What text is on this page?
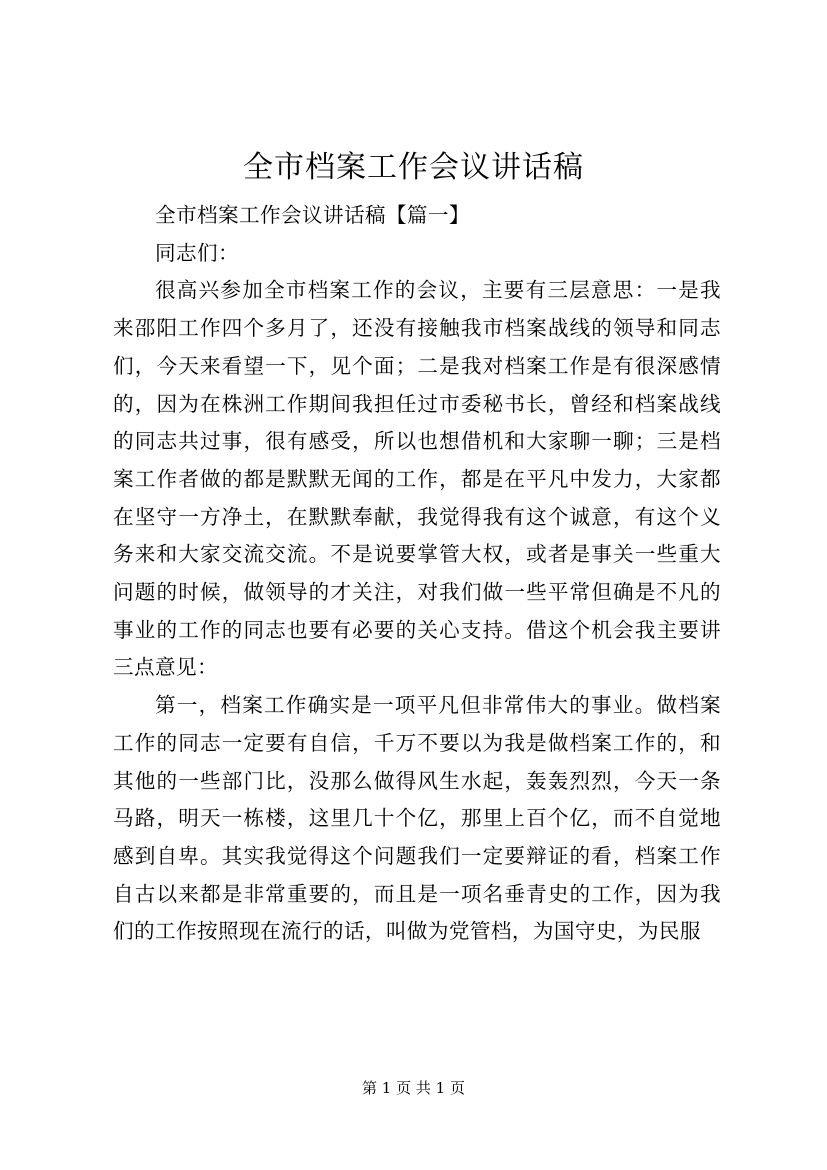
全市档案工作会议讲话稿

全市档案工作会议讲话稿【篇一】

同志们：

很高兴参加全市档案工作的会议，主要有三层意思：一是我来邵阳工作四个多月了，还没有接触我市档案战线的领导和同志们，今天来看望一下，见个面；二是我对档案工作是有很深感情的，因为在株洲工作期间我担任过市委秘书长，曾经和档案战线的同志共过事，很有感受，所以也想借机和大家聊一聊；三是档案工作者做的都是默默无闻的工作，都是在平凡中发力，大家都在坚守一方净土，在默默奉献，我觉得我有这个诚意，有这个义务来和大家交流交流。不是说要掌管大权，或者是事关一些重大问题的时候，做领导的才关注，对我们做一些平常但确是不凡的事业的工作的同志也要有必要的关心支持。借这个机会我主要讲三点意见：

第一，档案工作确实是一项平凡但非常伟大的事业。做档案工作的同志一定要有自信，千万不要以为我是做档案工作的，和其他的一些部门比，没那么做得风生水起，轰轰烈烈，今天一条马路，明天一栋楼，这里几十个亿，那里上百个亿，而不自觉地感到自卑。其实我觉得这个问题我们一定要辩证的看，档案工作自古以来都是非常重要的，而且是一项名垂青史的工作，因为我们的工作按照现在流行的话，叫做为党管档，为国守史，为民服

第 1 页 共 1 页
